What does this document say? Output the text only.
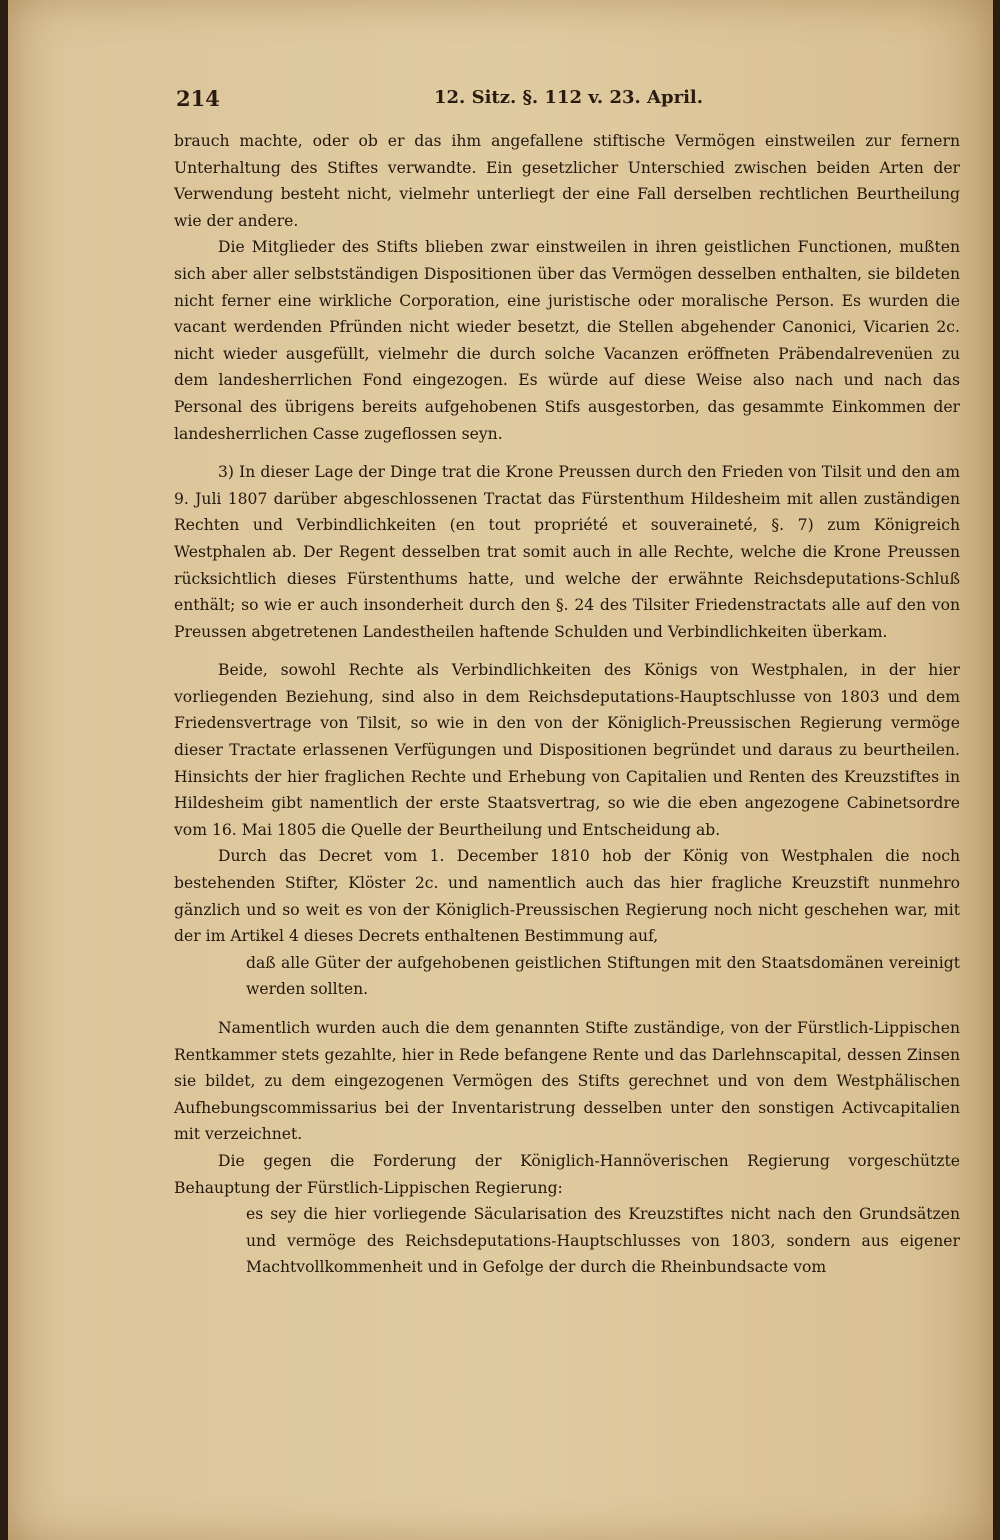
214	12. Sitz. §. 112 v. 23. April.

brauch machte, oder ob er das ihm angefallene stiftische Vermögen einstweilen zur fernern Unterhaltung des Stiftes verwandte. Ein gesetzlicher Unterschied zwischen beiden Arten der Verwendung besteht nicht, vielmehr unterliegt der eine Fall derselben rechtlichen Beurtheilung wie der andere.

Die Mitglieder des Stifts blieben zwar einstweilen in ihren geistlichen Functionen, mußten sich aber aller selbstständigen Dispositionen über das Vermögen desselben enthalten, sie bildeten nicht ferner eine wirkliche Corporation, eine juristische oder moralische Person. Es wurden die vacant werdenden Pfründen nicht wieder besetzt, die Stellen abgehender Canonici, Vicarien 2c. nicht wieder ausgefüllt, vielmehr die durch solche Vacanzen eröffneten Präbendalrevenüen zu dem landesherrlichen Fond eingezogen. Es würde auf diese Weise also nach und nach das Personal des übrigens bereits aufgehobenen Stifs ausgestorben, das gesammte Einkommen der landesherrlichen Casse zugeflossen seyn.

3) In dieser Lage der Dinge trat die Krone Preussen durch den Frieden von Tilsit und den am 9. Juli 1807 darüber abgeschlossenen Tractat das Fürstenthum Hildesheim mit allen zuständigen Rechten und Verbindlichkeiten (en tout propriété et souveraineté, §. 7) zum Königreich Westphalen ab. Der Regent desselben trat somit auch in alle Rechte, welche die Krone Preussen rücksichtlich dieses Fürstenthums hatte, und welche der erwähnte Reichsdeputations-Schluß enthält; so wie er auch insonderheit durch den §. 24 des Tilsiter Friedenstractats alle auf den von Preussen abgetretenen Landestheilen haftende Schulden und Verbindlichkeiten überkam.

Beide, sowohl Rechte als Verbindlichkeiten des Königs von Westphalen, in der hier vorliegenden Beziehung, sind also in dem Reichsdeputations-Hauptschlusse von 1803 und dem Friedensvertrage von Tilsit, so wie in den von der Königlich-Preussischen Regierung vermöge dieser Tractate erlassenen Verfügungen und Dispositionen begründet und daraus zu beurtheilen. Hinsichts der hier fraglichen Rechte und Erhebung von Capitalien und Renten des Kreuzstiftes in Hildesheim gibt namentlich der erste Staatsvertrag, so wie die eben angezogene Cabinetsordre vom 16. Mai 1805 die Quelle der Beurtheilung und Entscheidung ab.

Durch das Decret vom 1. December 1810 hob der König von Westphalen die noch bestehenden Stifter, Klöster 2c. und namentlich auch das hier fragliche Kreuzstift nunmehro gänzlich und so weit es von der Königlich-Preussischen Regierung noch nicht geschehen war, mit der im Artikel 4 dieses Decrets enthaltenen Bestimmung auf,

daß alle Güter der aufgehobenen geistlichen Stiftungen mit den Staatsdomänen vereinigt werden sollten.

Namentlich wurden auch die dem genannten Stifte zuständige, von der Fürstlich-Lippischen Rentkammer stets gezahlte, hier in Rede befangene Rente und das Darlehnscapital, dessen Zinsen sie bildet, zu dem eingezogenen Vermögen des Stifts gerechnet und von dem Westphälischen Aufhebungscommissarius bei der Inventaristrung desselben unter den sonstigen Activcapitalien mit verzeichnet.

Die gegen die Forderung der Königlich-Hannöverischen Regierung vorgeschützte Behauptung der Fürstlich-Lippischen Regierung:

es sey die hier vorliegende Säcularisation des Kreuzstiftes nicht nach den Grundsätzen und vermöge des Reichsdeputations-Hauptschlusses von 1803, sondern aus eigener Machtvollkommenheit und in Gefolge der durch die Rheinbundsacte vom
